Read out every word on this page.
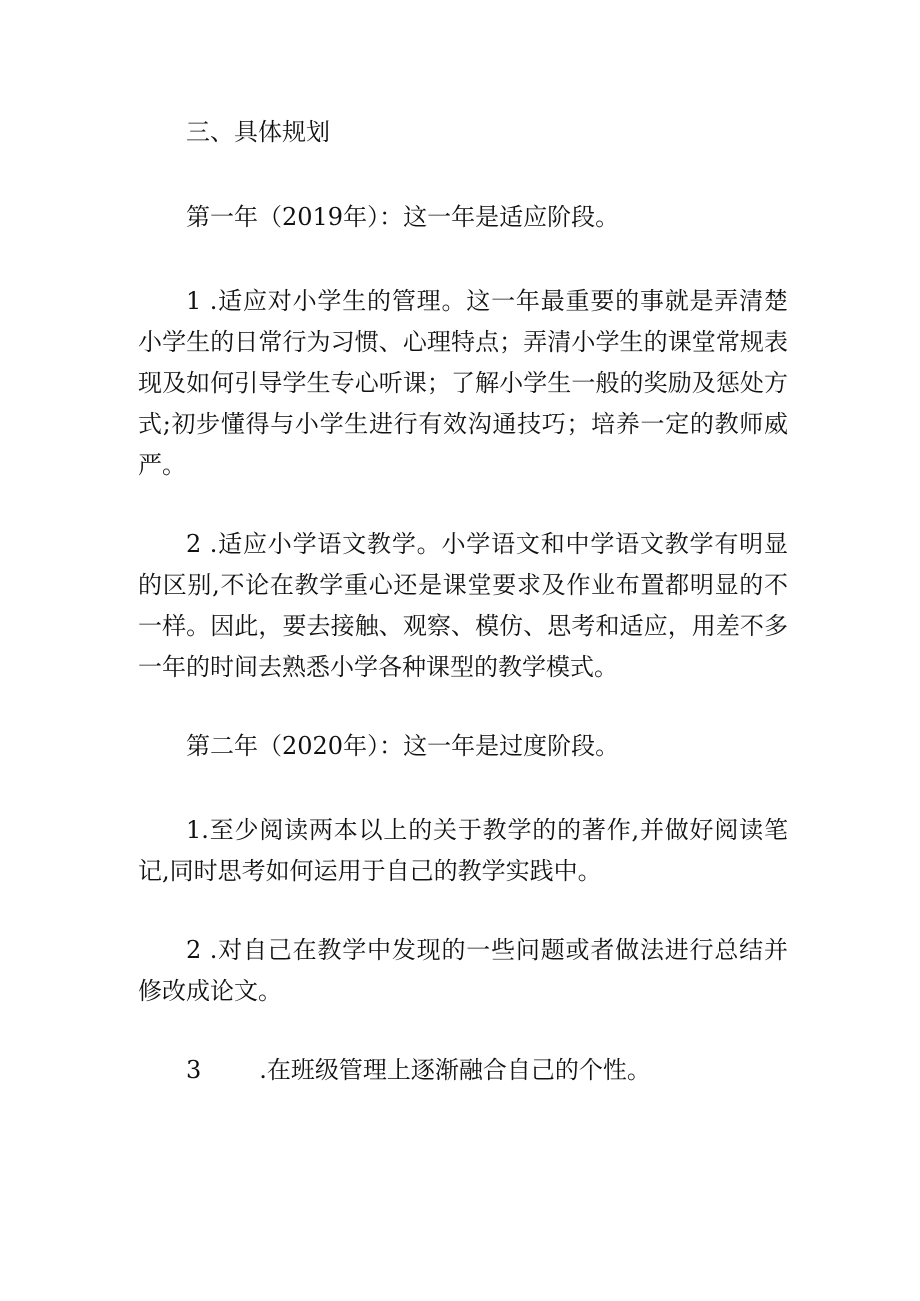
三、具体规划

第一年（2019年）：这一年是适应阶段。

1 .适应对小学生的管理。这一年最重要的事就是弄清楚小学生的日常行为习惯、心理特点；弄清小学生的课堂常规表现及如何引导学生专心听课；了解小学生一般的奖励及惩处方式;初步懂得与小学生进行有效沟通技巧；培养一定的教师威严。

2 .适应小学语文教学。小学语文和中学语文教学有明显的区别,不论在教学重心还是课堂要求及作业布置都明显的不一样。因此，要去接触、观察、模仿、思考和适应，用差不多一年的时间去熟悉小学各种课型的教学模式。

第二年（2020年）：这一年是过度阶段。

1.至少阅读两本以上的关于教学的的著作,并做好阅读笔记,同时思考如何运用于自己的教学实践中。

2 .对自己在教学中发现的一些问题或者做法进行总结并修改成论文。

3 .在班级管理上逐渐融合自己的个性。
